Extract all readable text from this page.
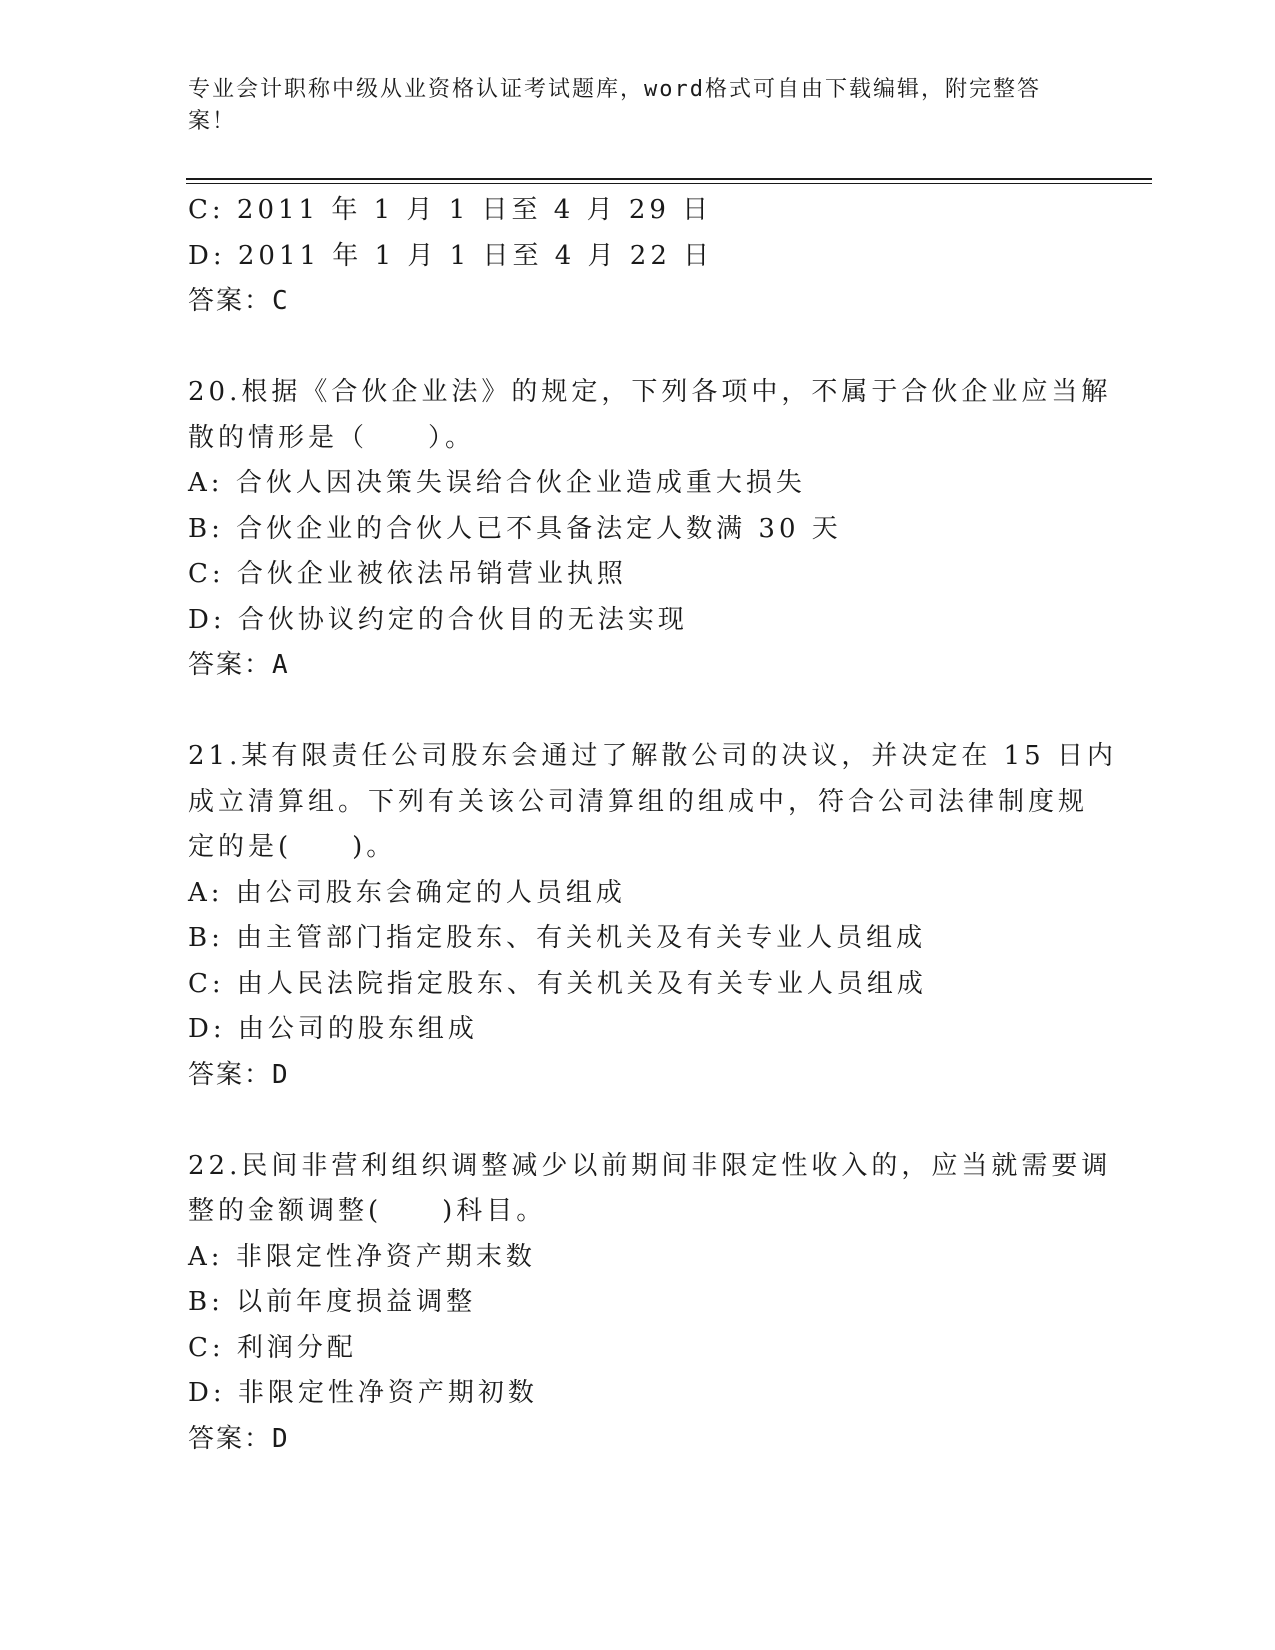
专业会计职称中级从业资格认证考试题库，word格式可自由下载编辑，附完整答
案！
C: 2011 年 1 月 1 日至 4 月 29 日
D: 2011 年 1 月 1 日至 4 月 22 日
答案：C
20.根据《合伙企业法》的规定，下列各项中，不属于合伙企业应当解
散的情形是（　　）。
A: 合伙人因决策失误给合伙企业造成重大损失
B: 合伙企业的合伙人已不具备法定人数满 30 天
C: 合伙企业被依法吊销营业执照
D: 合伙协议约定的合伙目的无法实现
答案：A
21.某有限责任公司股东会通过了解散公司的决议，并决定在 15 日内
成立清算组。下列有关该公司清算组的组成中，符合公司法律制度规
定的是(　　)。
A: 由公司股东会确定的人员组成
B: 由主管部门指定股东、有关机关及有关专业人员组成
C: 由人民法院指定股东、有关机关及有关专业人员组成
D: 由公司的股东组成
答案：D
22.民间非营利组织调整减少以前期间非限定性收入的，应当就需要调
整的金额调整(　　)科目。
A: 非限定性净资产期末数
B: 以前年度损益调整
C: 利润分配
D: 非限定性净资产期初数
答案：D
